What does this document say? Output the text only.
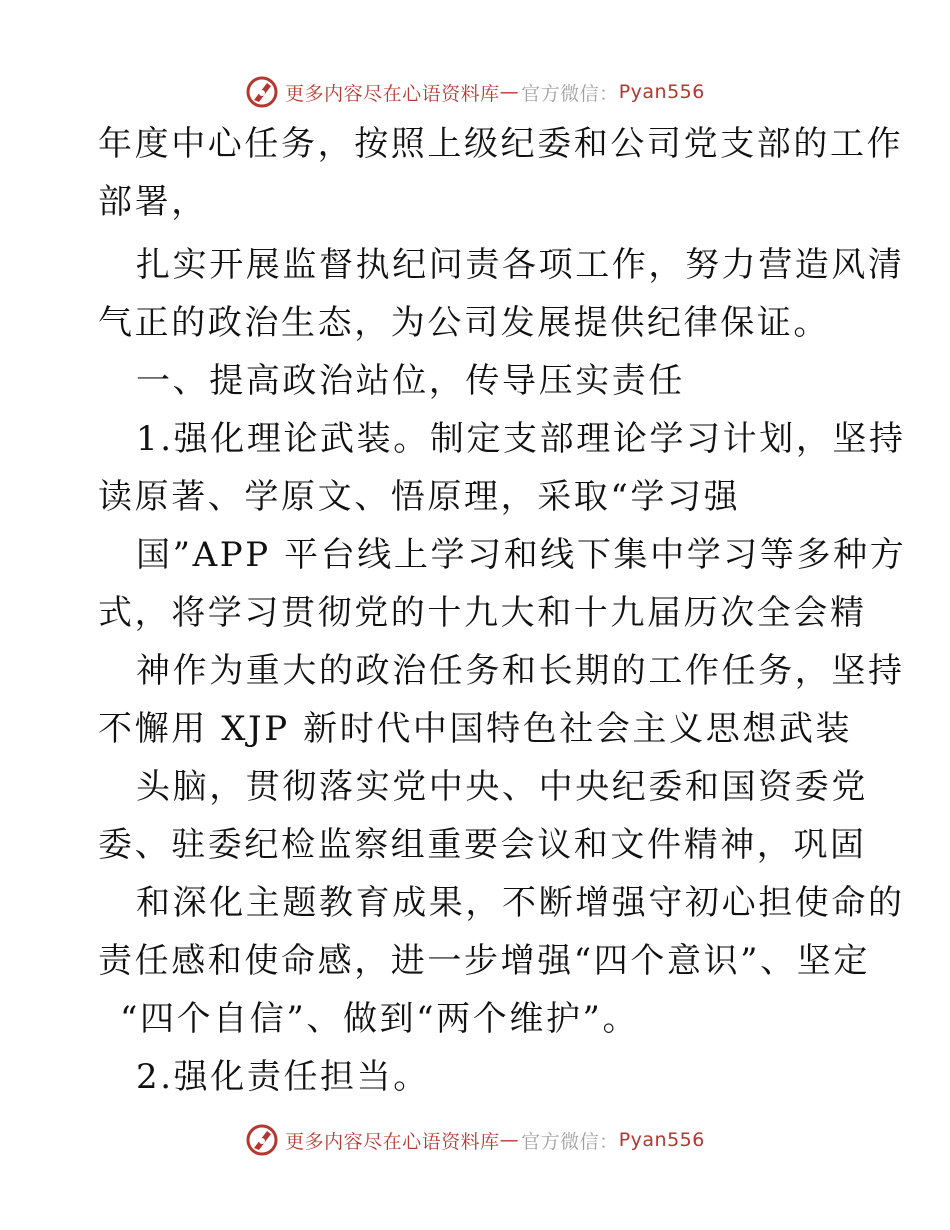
更多内容尽在心语资料库 — 官方微信： Pyan556
年度中心任务，按照上级纪委和公司党支部的工作
部署，
扎实开展监督执纪问责各项工作，努力营造风清
气正的政治生态，为公司发展提供纪律保证。
一、提高政治站位，传导压实责任
1.强化理论武装。制定支部理论学习计划，坚持
读原著、学原文、悟原理，采取“学习强
国”APP 平台线上学习和线下集中学习等多种方
式，将学习贯彻党的十九大和十九届历次全会精
神作为重大的政治任务和长期的工作任务，坚持
不懈用 XJP 新时代中国特色社会主义思想武装
头脑，贯彻落实党中央、中央纪委和国资委党
委、驻委纪检监察组重要会议和文件精神，巩固
和深化主题教育成果，不断增强守初心担使命的
责任感和使命感，进一步增强“四个意识”、坚定
“四个自信”、做到“两个维护”。
2.强化责任担当。
更多内容尽在心语资料库 — 官方微信： Pyan556
